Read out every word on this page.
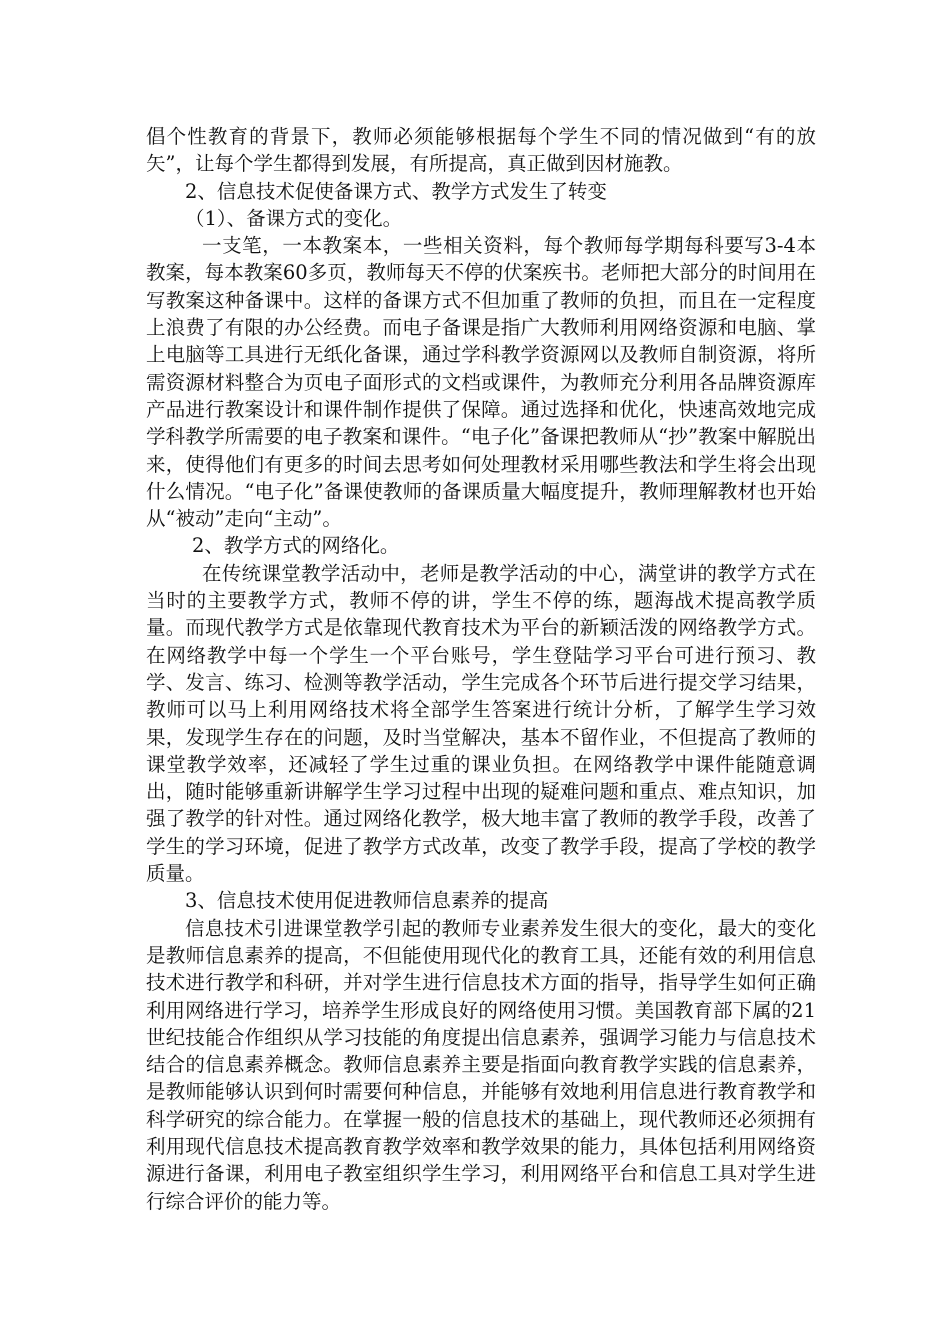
倡个性教育的背景下，教师必须能够根据每个学生不同的情况做到“有的放矢”，让每个学生都得到发展，有所提高，真正做到因材施教。

2、信息技术促使备课方式、教学方式发生了转变

（1）、备课方式的变化。

一支笔，一本教案本，一些相关资料，每个教师每学期每科要写3-4本教案，每本教案60多页，教师每天不停的伏案疾书。老师把大部分的时间用在写教案这种备课中。这样的备课方式不但加重了教师的负担，而且在一定程度上浪费了有限的办公经费。而电子备课是指广大教师利用网络资源和电脑、掌上电脑等工具进行无纸化备课，通过学科教学资源网以及教师自制资源，将所需资源材料整合为页电子面形式的文档或课件，为教师充分利用各品牌资源库产品进行教案设计和课件制作提供了保障。通过选择和优化，快速高效地完成学科教学所需要的电子教案和课件。“电子化”备课把教师从“抄”教案中解脱出来，使得他们有更多的时间去思考如何处理教材采用哪些教法和学生将会出现什么情况。“电子化”备课使教师的备课质量大幅度提升，教师理解教材也开始从“被动”走向“主动”。

2、教学方式的网络化。

在传统课堂教学活动中，老师是教学活动的中心，满堂讲的教学方式在当时的主要教学方式，教师不停的讲，学生不停的练，题海战术提高教学质量。而现代教学方式是依靠现代教育技术为平台的新颖活泼的网络教学方式。在网络教学中每一个学生一个平台账号，学生登陆学习平台可进行预习、教学、发言、练习、检测等教学活动，学生完成各个环节后进行提交学习结果，教师可以马上利用网络技术将全部学生答案进行统计分析，了解学生学习效果，发现学生存在的问题，及时当堂解决，基本不留作业，不但提高了教师的课堂教学效率，还减轻了学生过重的课业负担。在网络教学中课件能随意调出，随时能够重新讲解学生学习过程中出现的疑难问题和重点、难点知识，加强了教学的针对性。通过网络化教学，极大地丰富了教师的教学手段，改善了学生的学习环境，促进了教学方式改革，改变了教学手段，提高了学校的教学质量。

3、信息技术使用促进教师信息素养的提高

信息技术引进课堂教学引起的教师专业素养发生很大的变化，最大的变化是教师信息素养的提高，不但能使用现代化的教育工具，还能有效的利用信息技术进行教学和科研，并对学生进行信息技术方面的指导，指导学生如何正确利用网络进行学习，培养学生形成良好的网络使用习惯。美国教育部下属的21世纪技能合作组织从学习技能的角度提出信息素养，强调学习能力与信息技术结合的信息素养概念。教师信息素养主要是指面向教育教学实践的信息素养，是教师能够认识到何时需要何种信息，并能够有效地利用信息进行教育教学和科学研究的综合能力。在掌握一般的信息技术的基础上，现代教师还必须拥有利用现代信息技术提高教育教学效率和教学效果的能力，具体包括利用网络资源进行备课，利用电子教室组织学生学习，利用网络平台和信息工具对学生进行综合评价的能力等。
